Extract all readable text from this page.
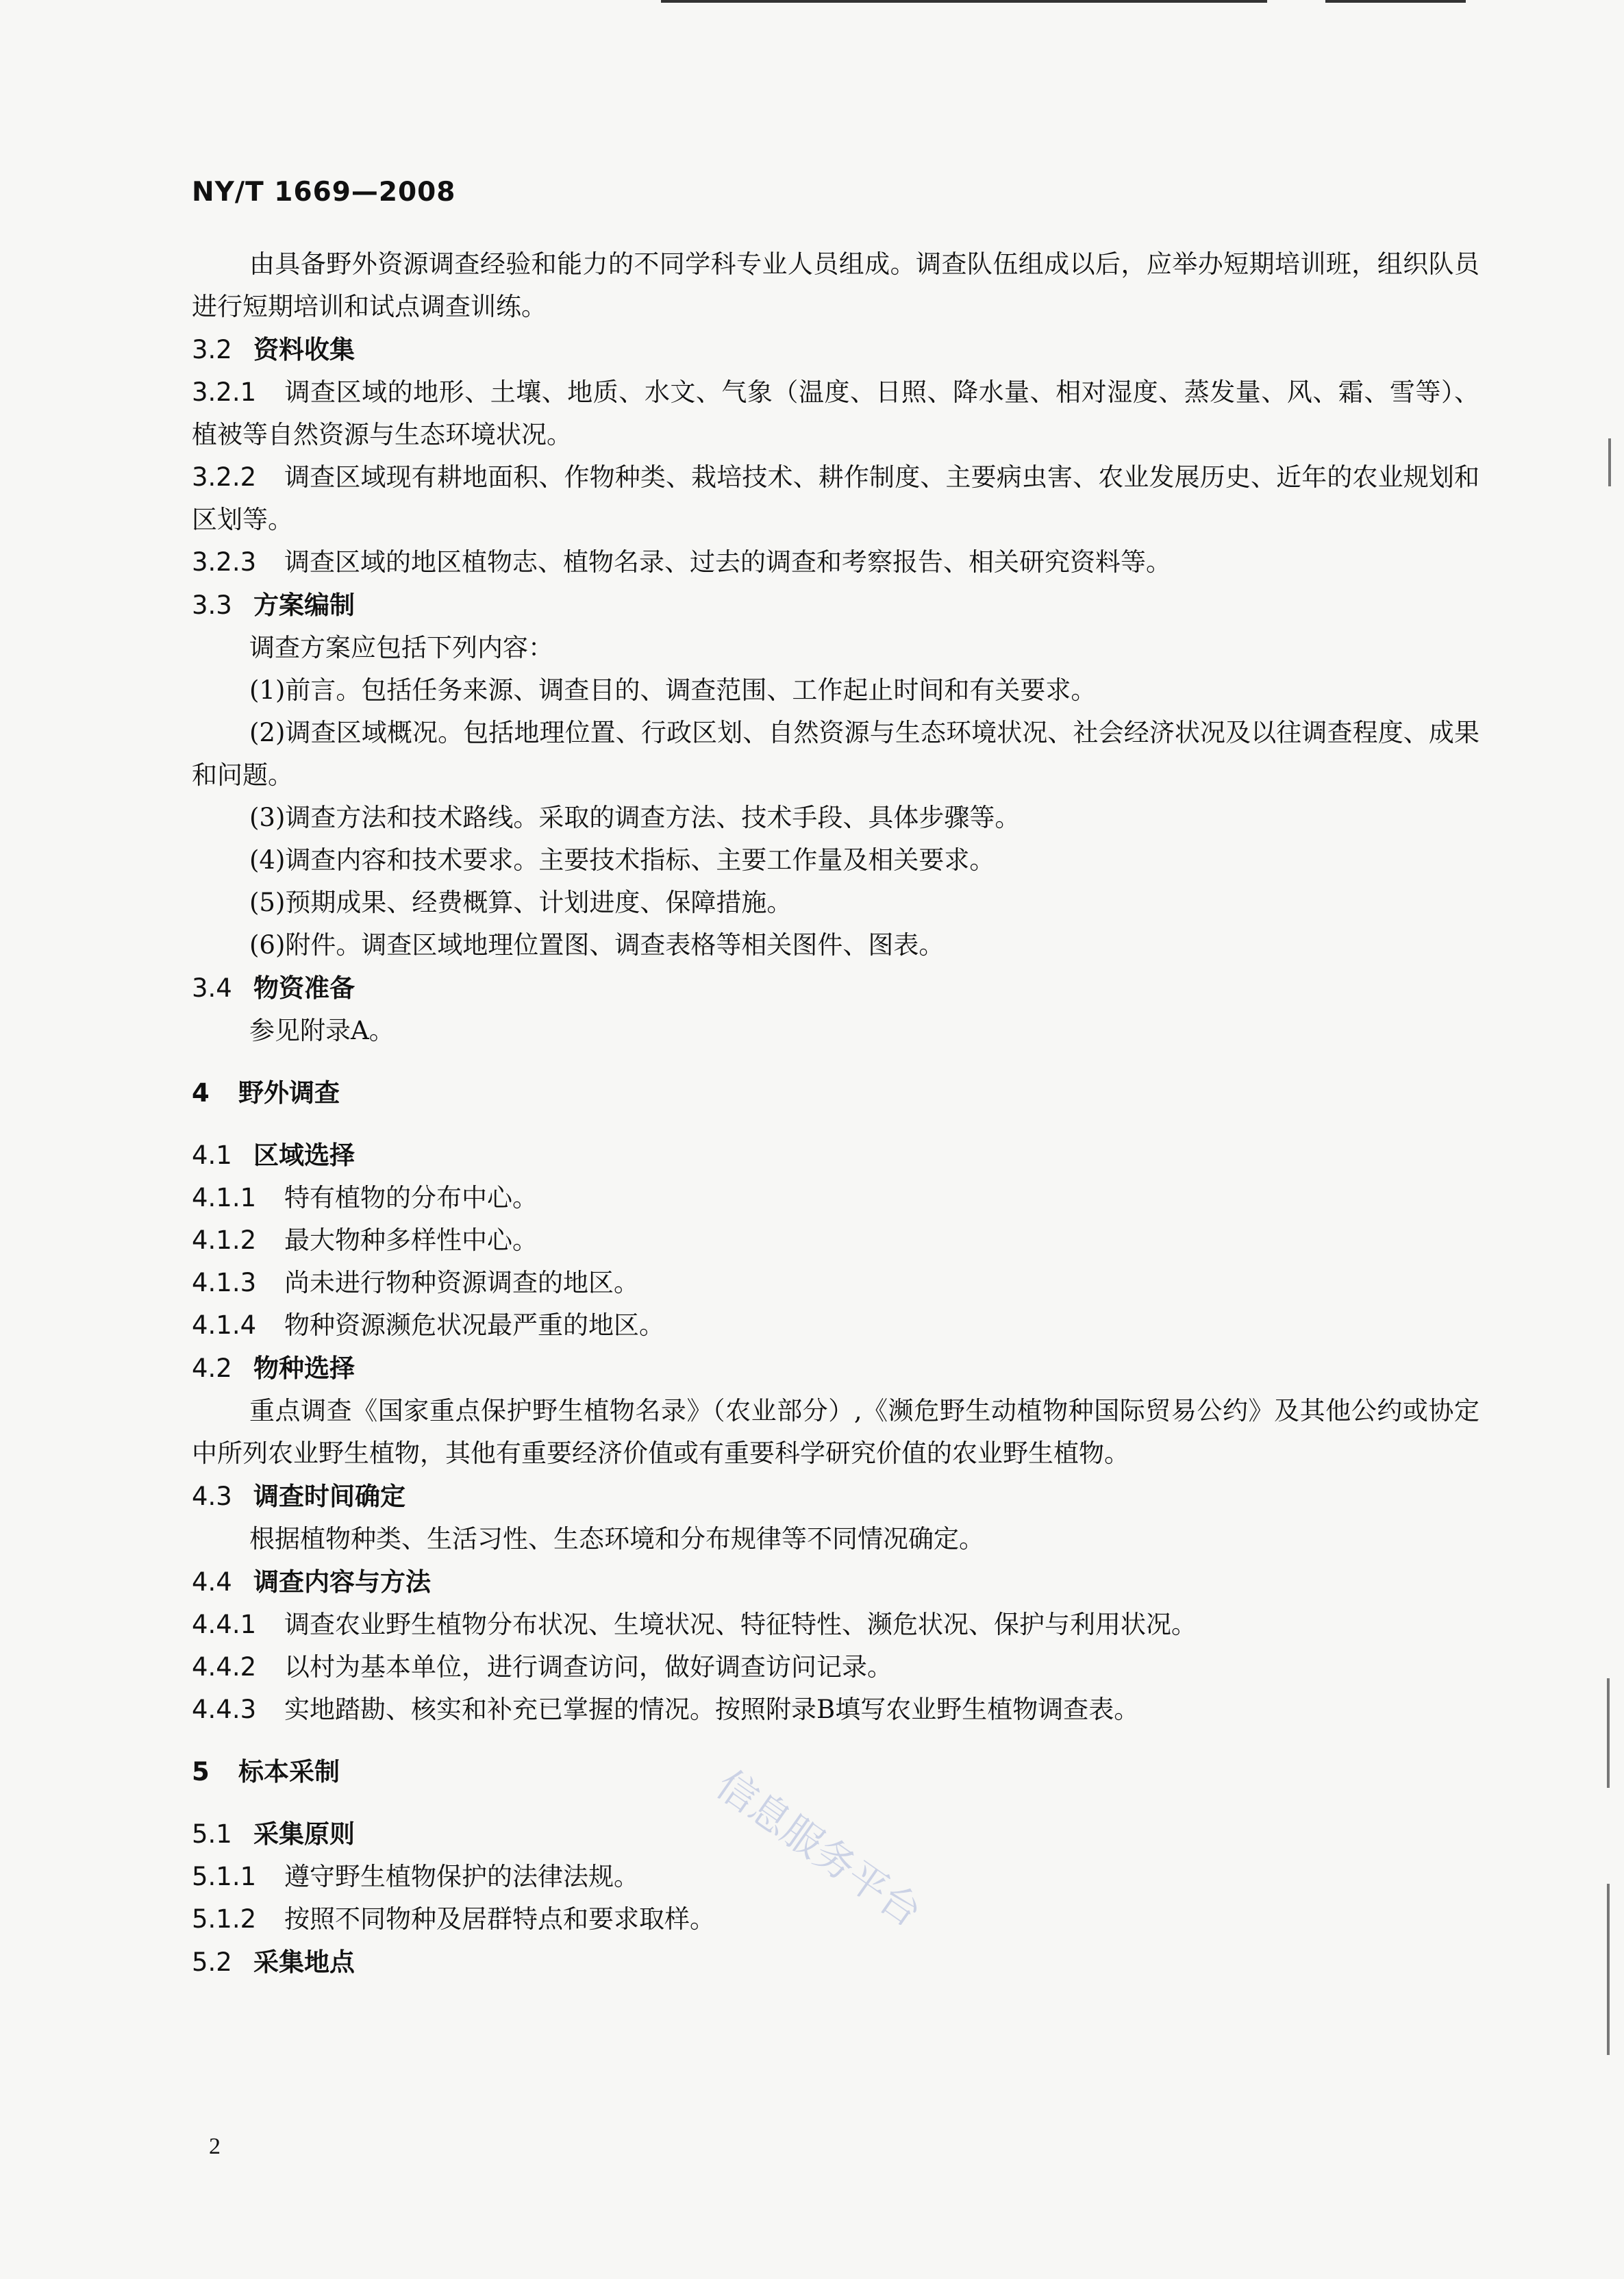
NY/T 1669—2008
由具备野外资源调查经验和能力的不同学科专业人员组成。调查队伍组成以后，应举办短期培训班，组织队员进行短期培训和试点调查训练。
3.2 资料收集
3.2.1 调查区域的地形、土壤、地质、水文、气象（温度、日照、降水量、相对湿度、蒸发量、风、霜、雪等）、植被等自然资源与生态环境状况。
3.2.2 调查区域现有耕地面积、作物种类、栽培技术、耕作制度、主要病虫害、农业发展历史、近年的农业规划和区划等。
3.2.3 调查区域的地区植物志、植物名录、过去的调查和考察报告、相关研究资料等。
3.3 方案编制
调查方案应包括下列内容：
(1)前言。包括任务来源、调查目的、调查范围、工作起止时间和有关要求。
(2)调查区域概况。包括地理位置、行政区划、自然资源与生态环境状况、社会经济状况及以往调查程度、成果和问题。
(3)调查方法和技术路线。采取的调查方法、技术手段、具体步骤等。
(4)调查内容和技术要求。主要技术指标、主要工作量及相关要求。
(5)预期成果、经费概算、计划进度、保障措施。
(6)附件。调查区域地理位置图、调查表格等相关图件、图表。
3.4 物资准备
参见附录A。
4 野外调查
4.1 区域选择
4.1.1 特有植物的分布中心。
4.1.2 最大物种多样性中心。
4.1.3 尚未进行物种资源调查的地区。
4.1.4 物种资源濒危状况最严重的地区。
4.2 物种选择
重点调查《国家重点保护野生植物名录》（农业部分）,《濒危野生动植物种国际贸易公约》及其他公约或协定中所列农业野生植物，其他有重要经济价值或有重要科学研究价值的农业野生植物。
4.3 调查时间确定
根据植物种类、生活习性、生态环境和分布规律等不同情况确定。
4.4 调查内容与方法
4.4.1 调查农业野生植物分布状况、生境状况、特征特性、濒危状况、保护与利用状况。
4.4.2 以村为基本单位，进行调查访问，做好调查访问记录。
4.4.3 实地踏勘、核实和补充已掌握的情况。按照附录B填写农业野生植物调查表。
5 标本采制
5.1 采集原则
5.1.1 遵守野生植物保护的法律法规。
5.1.2 按照不同物种及居群特点和要求取样。
5.2 采集地点
信息服务平台
2
